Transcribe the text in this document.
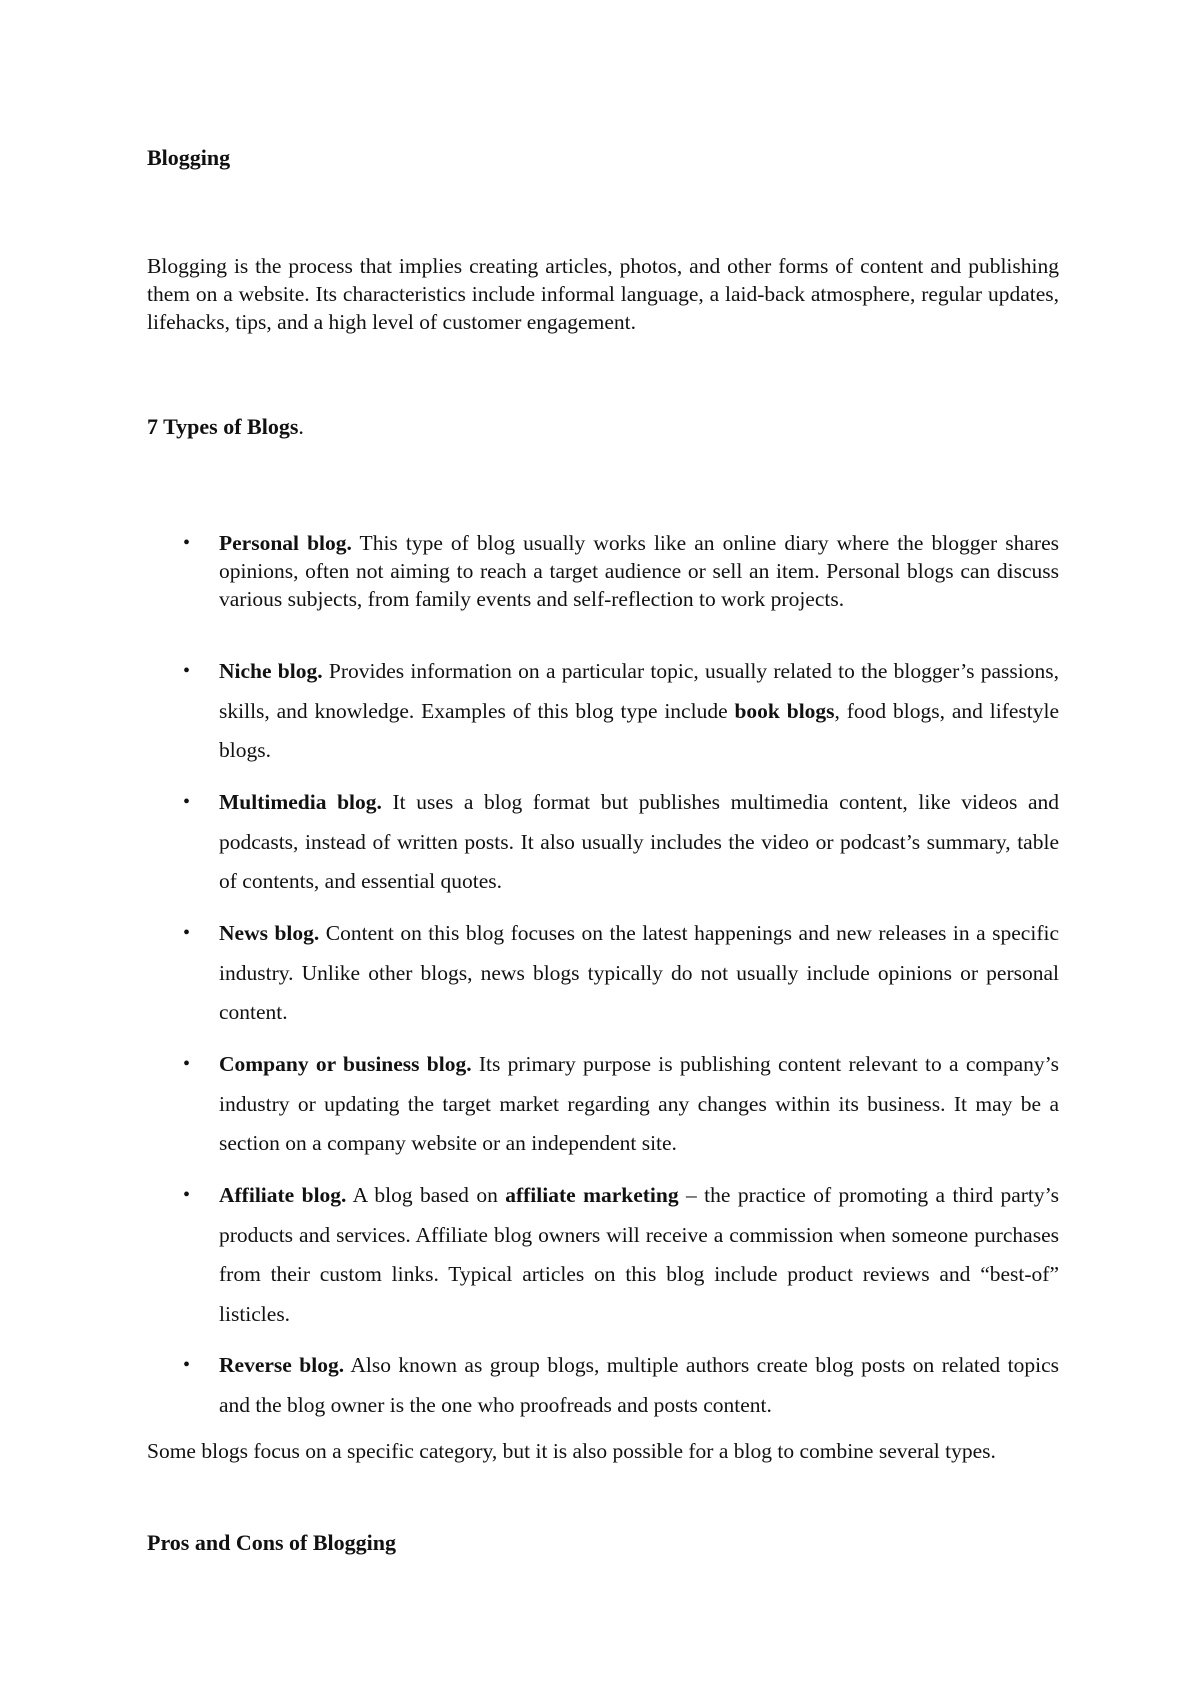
Blogging

Blogging is the process that implies creating articles, photos, and other forms of content and publishing them on a website. Its characteristics include informal language, a laid-back atmosphere, regular updates, lifehacks, tips, and a high level of customer engagement.

7 Types of Blogs.

• Personal blog. This type of blog usually works like an online diary where the blogger shares opinions, often not aiming to reach a target audience or sell an item. Personal blogs can discuss various subjects, from family events and self-reflection to work projects.
• Niche blog. Provides information on a particular topic, usually related to the blogger’s passions, skills, and knowledge. Examples of this blog type include book blogs, food blogs, and lifestyle blogs.
• Multimedia blog. It uses a blog format but publishes multimedia content, like videos and podcasts, instead of written posts. It also usually includes the video or podcast’s summary, table of contents, and essential quotes.
• News blog. Content on this blog focuses on the latest happenings and new releases in a specific industry. Unlike other blogs, news blogs typically do not usually include opinions or personal content.
• Company or business blog. Its primary purpose is publishing content relevant to a company’s industry or updating the target market regarding any changes within its business. It may be a section on a company website or an independent site.
• Affiliate blog. A blog based on affiliate marketing – the practice of promoting a third party’s products and services. Affiliate blog owners will receive a commission when someone purchases from their custom links. Typical articles on this blog include product reviews and “best-of” listicles.
• Reverse blog. Also known as group blogs, multiple authors create blog posts on related topics and the blog owner is the one who proofreads and posts content.

Some blogs focus on a specific category, but it is also possible for a blog to combine several types.

Pros and Cons of Blogging
